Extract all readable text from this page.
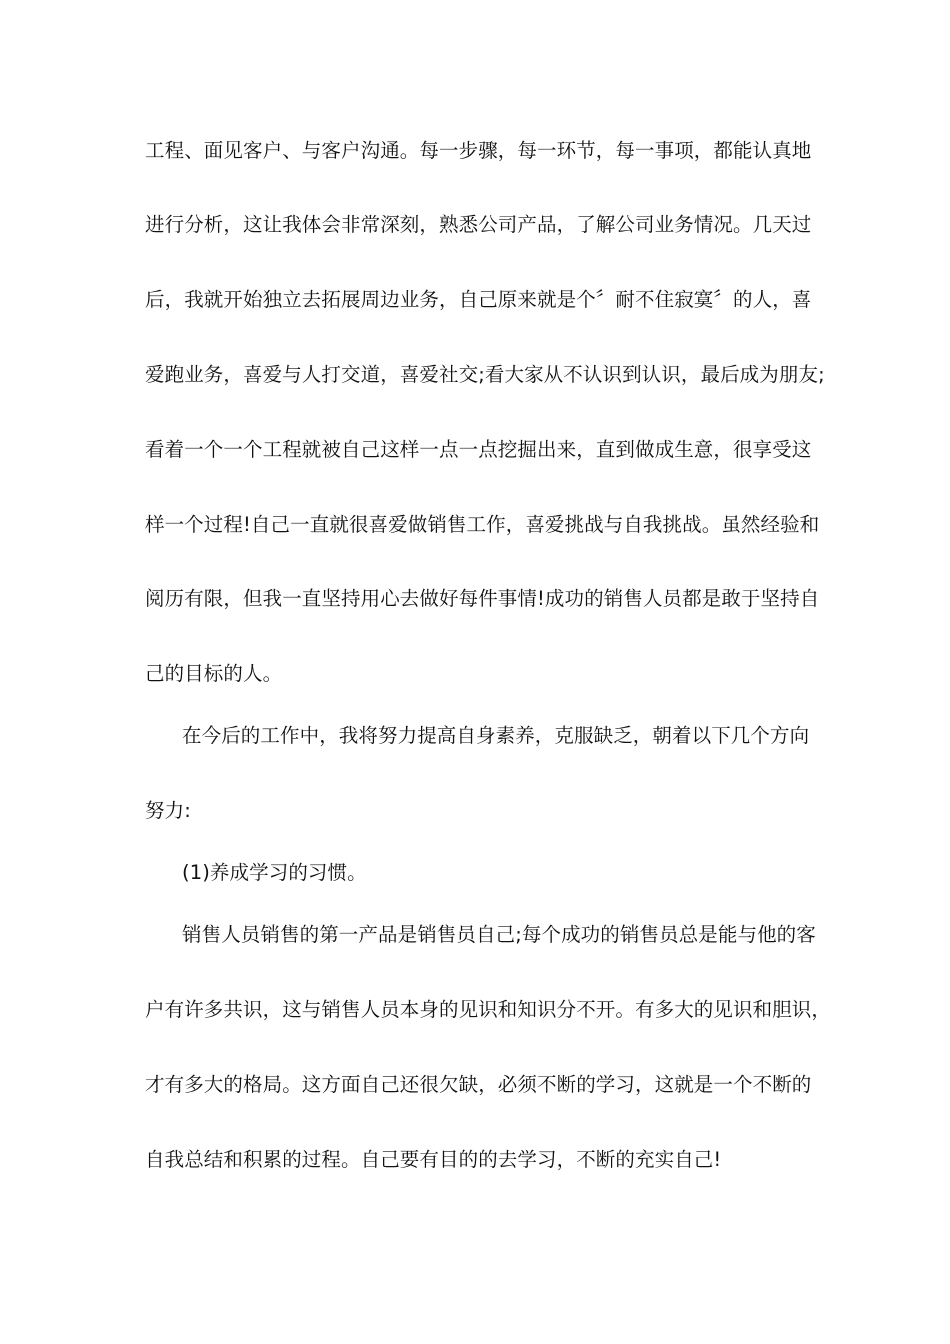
工程、面见客户、与客户沟通。每一步骤，每一环节，每一事项，都能认真地
进行分析，这让我体会非常深刻，熟悉公司产品，了解公司业务情况。几天过
后，我就开始独立去拓展周边业务，自己原来就是个〞耐不住寂寞〞的人，喜
爱跑业务，喜爱与人打交道，喜爱社交;看大家从不认识到认识，最后成为朋友;
看着一个一个工程就被自己这样一点一点挖掘出来，直到做成生意，很享受这
样一个过程!自己一直就很喜爱做销售工作，喜爱挑战与自我挑战。虽然经验和
阅历有限，但我一直坚持用心去做好每件事情!成功的销售人员都是敢于坚持自
己的目标的人。
在今后的工作中，我将努力提高自身素养，克服缺乏，朝着以下几个方向
努力:
(1)养成学习的习惯。
销售人员销售的第一产品是销售员自己;每个成功的销售员总是能与他的客
户有许多共识，这与销售人员本身的见识和知识分不开。有多大的见识和胆识，
才有多大的格局。这方面自己还很欠缺，必须不断的学习，这就是一个不断的
自我总结和积累的过程。自己要有目的的去学习，不断的充实自己!
